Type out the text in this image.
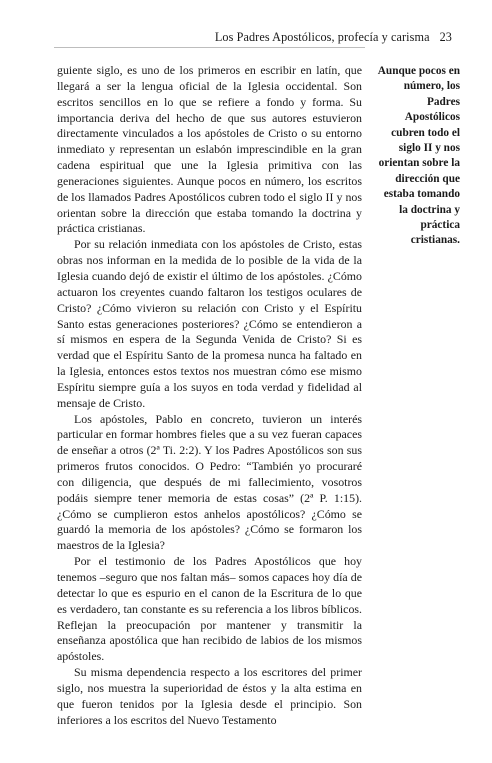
Los Padres Apostólicos, profecía y carisma 23

guiente siglo, es uno de los primeros en escribir en latín, que llegará a ser la lengua oficial de la Iglesia occidental. Son escritos sencillos en lo que se refiere a fondo y forma. Su importancia deriva del hecho de que sus autores estuvieron directamente vinculados a los apóstoles de Cristo o su entorno inmediato y representan un eslabón imprescindible en la gran cadena espiritual que une la Iglesia primitiva con las generaciones siguientes. Aunque pocos en número, los escritos de los llamados Padres Apostólicos cubren todo el siglo II y nos orientan sobre la dirección que estaba tomando la doctrina y práctica cristianas.

Por su relación inmediata con los apóstoles de Cristo, estas obras nos informan en la medida de lo posible de la vida de la Iglesia cuando dejó de existir el último de los apóstoles. ¿Cómo actuaron los creyentes cuando faltaron los testigos oculares de Cristo? ¿Cómo vivieron su relación con Cristo y el Espíritu Santo estas generaciones posteriores? ¿Cómo se entendieron a sí mismos en espera de la Segunda Venida de Cristo? Si es verdad que el Espíritu Santo de la promesa nunca ha faltado en la Iglesia, entonces estos textos nos muestran cómo ese mismo Espíritu siempre guía a los suyos en toda verdad y fidelidad al mensaje de Cristo.

Los apóstoles, Pablo en concreto, tuvieron un interés particular en formar hombres fieles que a su vez fueran capaces de enseñar a otros (2ª Ti. 2:2). Y los Padres Apostólicos son sus primeros frutos conocidos. O Pedro: “También yo procuraré con diligencia, que después de mi fallecimiento, vosotros podáis siempre tener memoria de estas cosas” (2ª P. 1:15). ¿Cómo se cumplieron estos anhelos apostólicos? ¿Cómo se guardó la memoria de los apóstoles? ¿Cómo se formaron los maestros de la Iglesia?

Por el testimonio de los Padres Apostólicos que hoy tenemos –seguro que nos faltan más– somos capaces hoy día de detectar lo que es espurio en el canon de la Escritura de lo que es verdadero, tan constante es su referencia a los libros bíblicos. Reflejan la preocupación por mantener y transmitir la enseñanza apostólica que han recibido de labios de los mismos apóstoles.

Su misma dependencia respecto a los escritores del primer siglo, nos muestra la superioridad de éstos y la alta estima en que fueron tenidos por la Iglesia desde el principio. Son inferiores a los escritos del Nuevo Testamento

Aunque pocos en número, los Padres Apostólicos cubren todo el siglo II y nos orientan sobre la dirección que estaba tomando la doctrina y práctica cristianas.
